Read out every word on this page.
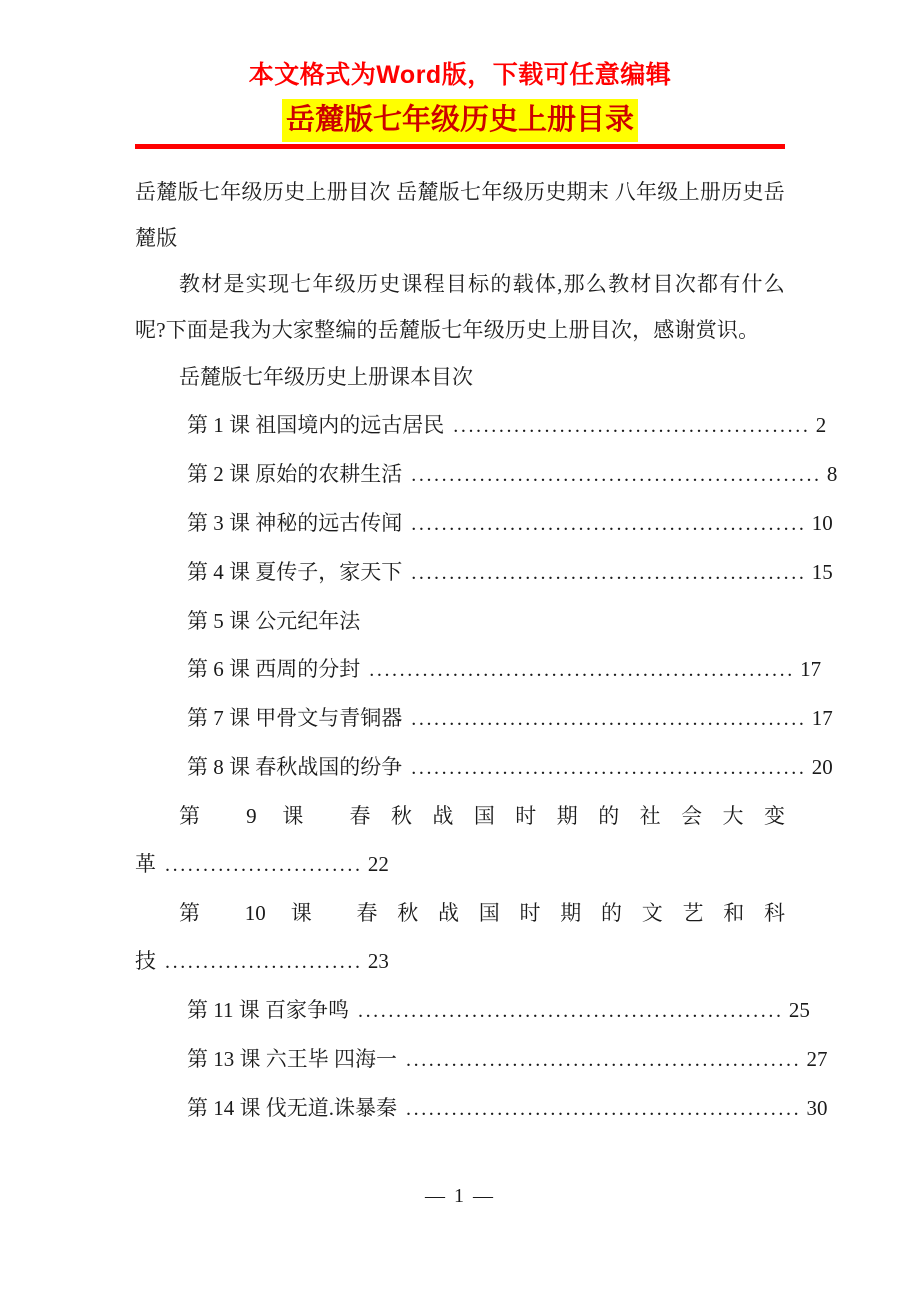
本文格式为Word版，下载可任意编辑
岳麓版七年级历史上册目录

岳麓版七年级历史上册目次 岳麓版七年级历史期末 八年级上册历史岳麓版

教材是实现七年级历史课程目标的载体,那么教材目次都有什么呢?下面是我为大家整编的岳麓版七年级历史上册目次，感谢赏识。

岳麓版七年级历史上册课本目次
第 1 课 祖国境内的远古居民 ............................................... 2
第 2 课 原始的农耕生活 ...................................................... 8
第 3 课 神秘的远古传闻 .................................................... 10
第 4 课 夏传子，家天下 .................................................... 15
第 5 课 公元纪年法
第 6 课 西周的分封 ........................................................ 17
第 7 课 甲骨文与青铜器 .................................................... 17
第 8 课 春秋战国的纷争 .................................................... 20
第 9 课 春秋战国时期的社会大变
革 .......................... 22
第 10 课 春秋战国时期的文艺和科
技 .......................... 23
第 11 课 百家争鸣 ........................................................ 25
第 13 课 六王毕 四海一 .................................................... 27
第 14 课 伐无道.诛暴秦 .................................................... 30
— 1 —
